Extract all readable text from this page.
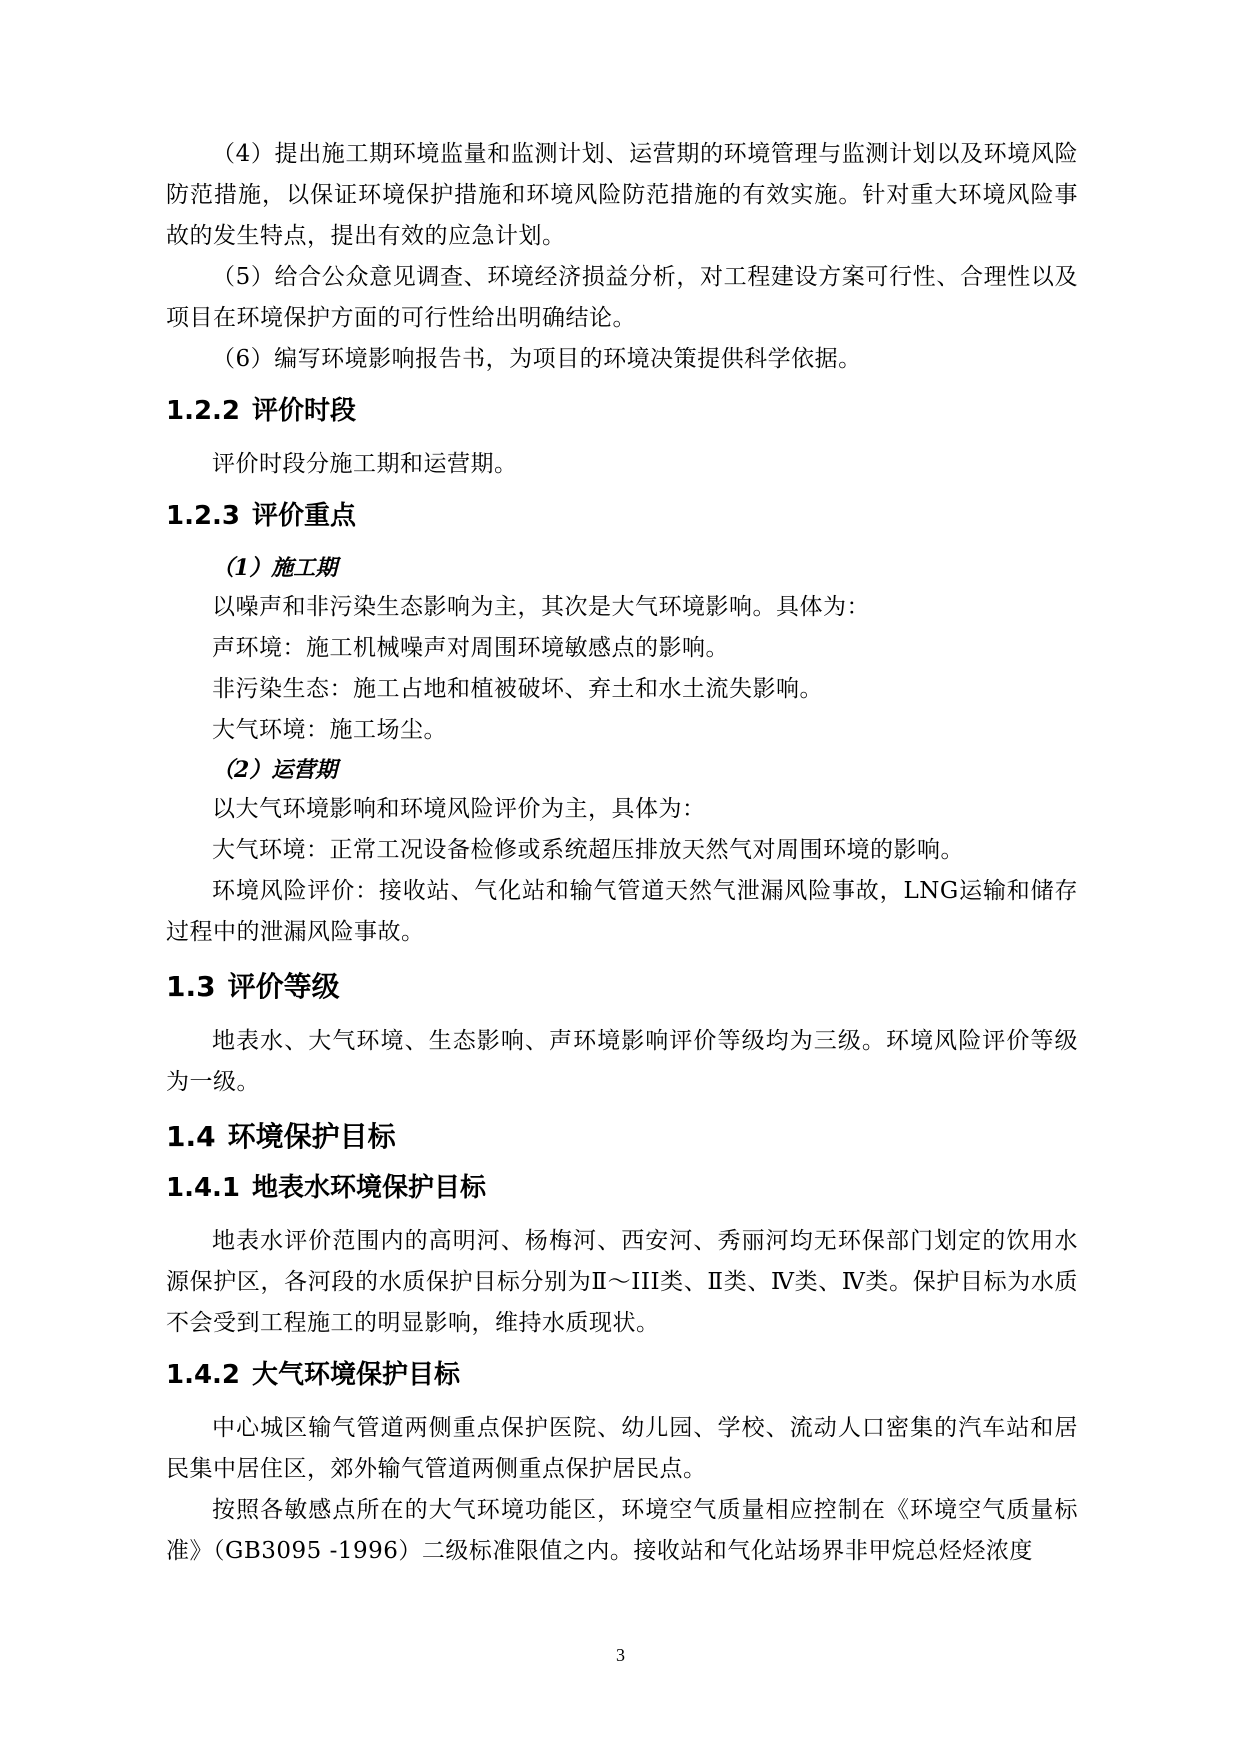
（4）提出施工期环境监量和监测计划、运营期的环境管理与监测计划以及环境风险防范措施，以保证环境保护措施和环境风险防范措施的有效实施。针对重大环境风险事故的发生特点，提出有效的应急计划。

（5）给合公众意见调查、环境经济损益分析，对工程建设方案可行性、合理性以及项目在环境保护方面的可行性给出明确结论。

（6）编写环境影响报告书，为项目的环境决策提供科学依据。

1.2.2 评价时段

评价时段分施工期和运营期。

1.2.3 评价重点

（1）施工期

以噪声和非污染生态影响为主，其次是大气环境影响。具体为：

声环境：施工机械噪声对周围环境敏感点的影响。

非污染生态：施工占地和植被破坏、弃土和水土流失影响。

大气环境：施工场尘。

（2）运营期

以大气环境影响和环境风险评价为主，具体为：

大气环境：正常工况设备检修或系统超压排放天然气对周围环境的影响。

环境风险评价：接收站、气化站和输气管道天然气泄漏风险事故，LNG运输和储存过程中的泄漏风险事故。

1.3 评价等级

地表水、大气环境、生态影响、声环境影响评价等级均为三级。环境风险评价等级为一级。

1.4 环境保护目标
1.4.1 地表水环境保护目标

地表水评价范围内的高明河、杨梅河、西安河、秀丽河均无环保部门划定的饮用水源保护区，各河段的水质保护目标分别为Ⅱ～III类、Ⅱ类、Ⅳ类、Ⅳ类。保护目标为水质不会受到工程施工的明显影响，维持水质现状。

1.4.2 大气环境保护目标

中心城区输气管道两侧重点保护医院、幼儿园、学校、流动人口密集的汽车站和居民集中居住区，郊外输气管道两侧重点保护居民点。

按照各敏感点所在的大气环境功能区，环境空气质量相应控制在《环境空气质量标准》（GB3095 -1996）二级标准限值之内。接收站和气化站场界非甲烷总烃烃浓度

3
